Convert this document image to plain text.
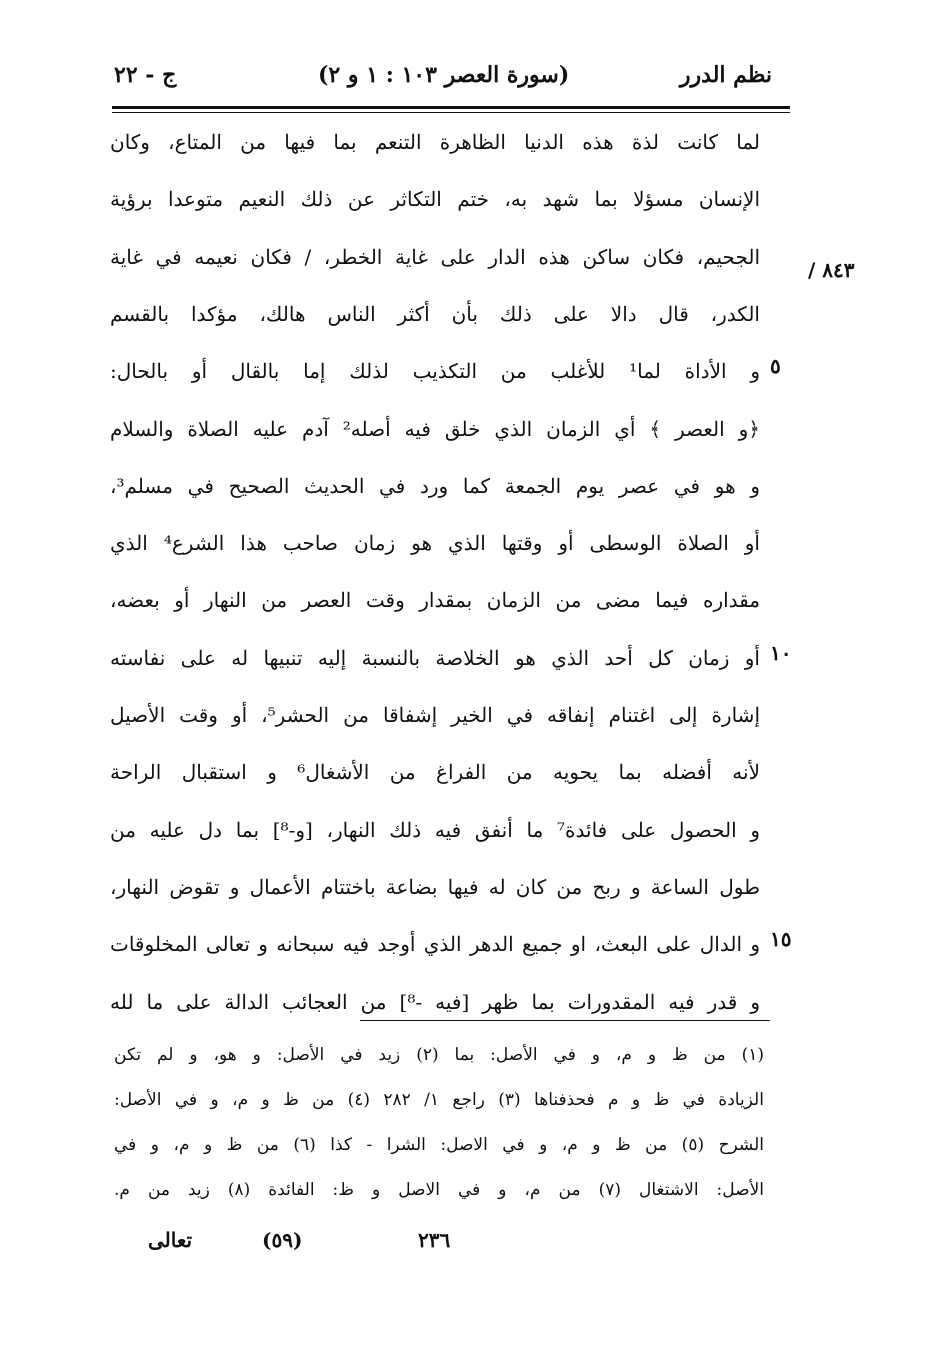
نظم الدرر
(سورة العصر ١٠٣ : ١ و ٢)
ج - ٢٢
٨٤٣ /
لما كانت لذة هذه الدنيا الظاهرة التنعم بما فيها من المتاع، وكان
الإنسان مسؤلا بما شهد به، ختم التكاثر عن ذلك النعيم متوعدا برؤية
الجحيم، فكان ساكن هذه الدار على غاية الخطر، / فكان نعيمه في غاية
الكدر، قال دالا على ذلك بأن أكثر الناس هالك، مؤكدا بالقسم
و الأداة لما¹ للأغلب من التكذيب لذلك إما بالقال أو بالحال: ٥
﴿و العصر ﴾ أي الزمان الذي خلق فيه أصله² آدم عليه الصلاة والسلام
و هو في عصر يوم الجمعة كما ورد في الحديث الصحيح في مسلم³،
أو الصلاة الوسطى أو وقتها الذي هو زمان صاحب هذا الشرع⁴ الذي
مقداره فيما مضى من الزمان بمقدار وقت العصر من النهار أو بعضه،
أو زمان كل أحد الذي هو الخلاصة بالنسبة إليه تنبيها له على نفاسته ١٠
إشارة إلى اغتنام إنفاقه في الخير إشفاقا من الحشر⁵، أو وقت الأصيل
لأنه أفضله بما يحويه من الفراغ من الأشغال⁶ و استقبال الراحة
و الحصول على فائدة⁷ ما أنفق فيه ذلك النهار، [و-⁸] بما دل عليه من
طول الساعة و ربح من كان له فيها بضاعة باختتام الأعمال و تقوض النهار،
و الدال على البعث، او جميع الدهر الذي أوجد فيه سبحانه و تعالى المخلوقات ١٥
و قدر فيه المقدورات بما ظهر [فيه -⁸] من العجائب الدالة على ما لله
(١) من ظ و م، و في الأصل: بما (٢) زيد في الأصل: و هو، و لم تكن
الزيادة في ظ و م فحذفناها (٣) راجع ١/ ٢٨٢ (٤) من ظ و م، و في الأصل:
الشرح (٥) من ظ و م، و في الاصل: الشرا - كذا (٦) من ظ و م، و في
الأصل: الاشتغال (٧) من م، و في الاصل و ظ: الفائدة (٨) زيد من م.
تعالى	(٥٩)	٢٣٦
